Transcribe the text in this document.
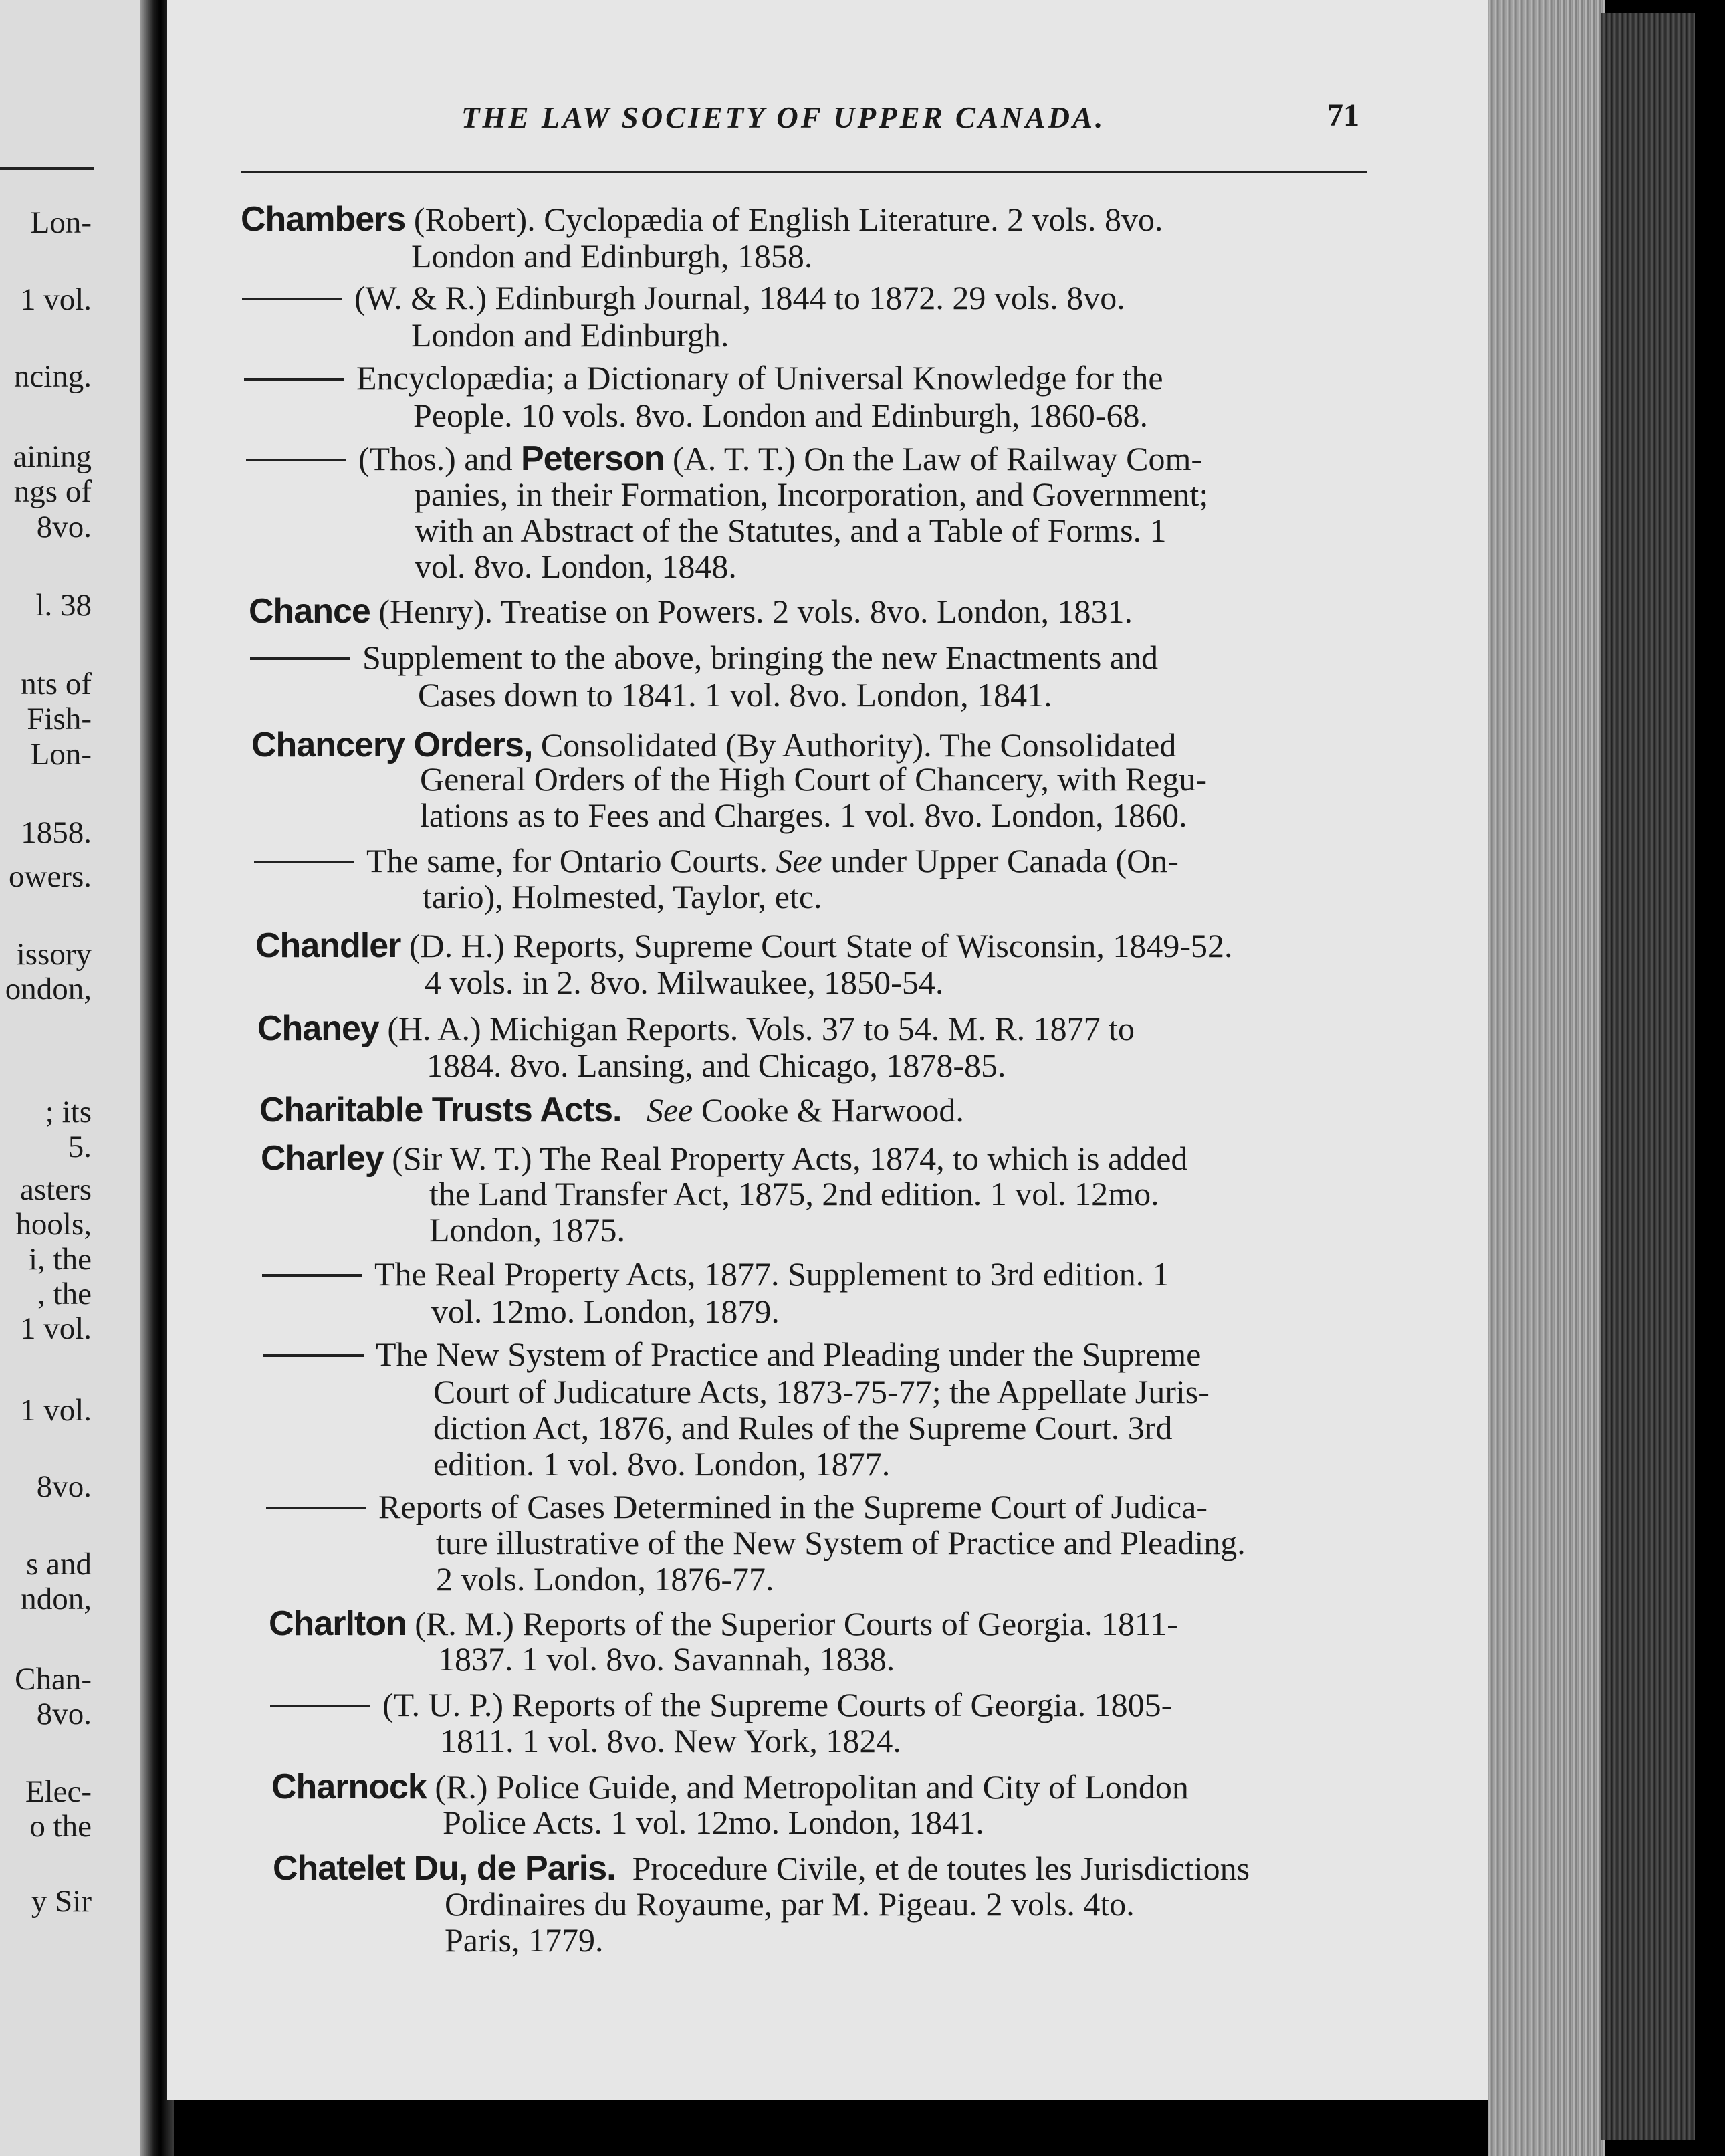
Lon-
1 vol.
ncing.
aining
ngs of
8vo.
l. 38
nts of
Fish-
Lon-
1858.
owers.
issory
ondon,
; its
5.
asters
hools,
i, the
, the
1 vol.
1 vol.
8vo.
s and
ndon,
Chan-
8vo.
Elec-
o the
y Sir
THE LAW SOCIETY OF UPPER CANADA.	71
Chambers (Robert). Cyclopædia of English Literature. 2 vols. 8vo.
London and Edinburgh, 1858.
(W. & R.) Edinburgh Journal, 1844 to 1872. 29 vols. 8vo.
London and Edinburgh.
Encyclopædia; a Dictionary of Universal Knowledge for the
People. 10 vols. 8vo. London and Edinburgh, 1860-68.
(Thos.) and Peterson (A. T. T.) On the Law of Railway Com-
panies, in their Formation, Incorporation, and Government;
with an Abstract of the Statutes, and a Table of Forms. 1
vol. 8vo. London, 1848.
Chance (Henry). Treatise on Powers. 2 vols. 8vo. London, 1831.
Supplement to the above, bringing the new Enactments and
Cases down to 1841. 1 vol. 8vo. London, 1841.
Chancery Orders, Consolidated (By Authority). The Consolidated
General Orders of the High Court of Chancery, with Regu-
lations as to Fees and Charges. 1 vol. 8vo. London, 1860.
The same, for Ontario Courts. See under Upper Canada (On-
tario), Holmested, Taylor, etc.
Chandler (D. H.) Reports, Supreme Court State of Wisconsin, 1849-52.
4 vols. in 2. 8vo. Milwaukee, 1850-54.
Chaney (H. A.) Michigan Reports. Vols. 37 to 54. M. R. 1877 to
1884. 8vo. Lansing, and Chicago, 1878-85.
Charitable Trusts Acts. See Cooke & Harwood.
Charley (Sir W. T.) The Real Property Acts, 1874, to which is added
the Land Transfer Act, 1875, 2nd edition. 1 vol. 12mo.
London, 1875.
The Real Property Acts, 1877. Supplement to 3rd edition. 1
vol. 12mo. London, 1879.
The New System of Practice and Pleading under the Supreme
Court of Judicature Acts, 1873-75-77; the Appellate Juris-
diction Act, 1876, and Rules of the Supreme Court. 3rd
edition. 1 vol. 8vo. London, 1877.
Reports of Cases Determined in the Supreme Court of Judica-
ture illustrative of the New System of Practice and Pleading.
2 vols. London, 1876-77.
Charlton (R. M.) Reports of the Superior Courts of Georgia. 1811-
1837. 1 vol. 8vo. Savannah, 1838.
(T. U. P.) Reports of the Supreme Courts of Georgia. 1805-
1811. 1 vol. 8vo. New York, 1824.
Charnock (R.) Police Guide, and Metropolitan and City of London
Police Acts. 1 vol. 12mo. London, 1841.
Chatelet Du, de Paris. Procedure Civile, et de toutes les Jurisdictions
Ordinaires du Royaume, par M. Pigeau. 2 vols. 4to.
Paris, 1779.
